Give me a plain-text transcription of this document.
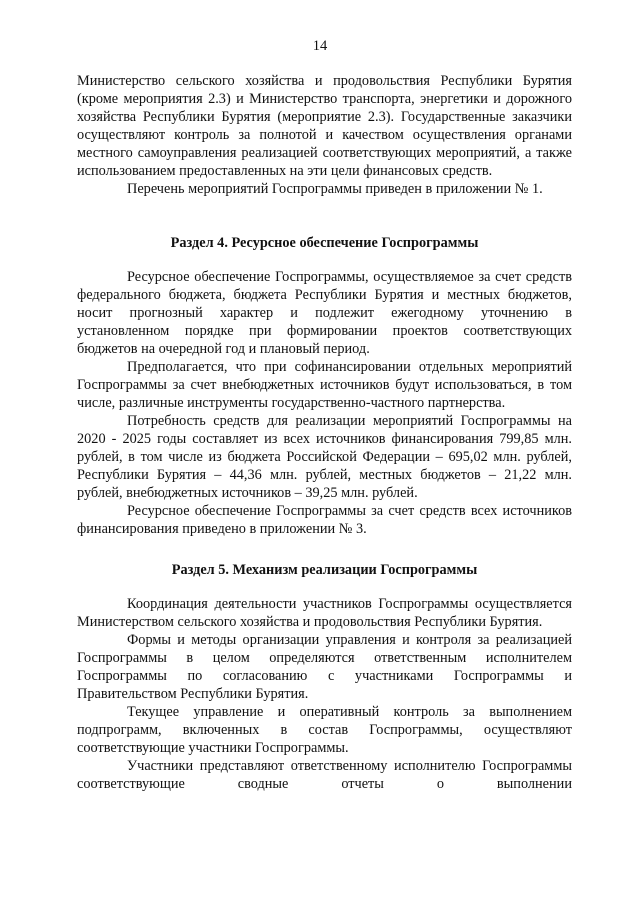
14

Министерство сельского хозяйства и продовольствия Республики Бурятия (кроме мероприятия 2.3) и Министерство транспорта, энергетики и дорожного хозяйства Республики Бурятия (мероприятие 2.3). Государственные заказчики осуществляют контроль за полнотой и качеством осуществления органами местного самоуправления реализацией соответствующих мероприятий, а также использованием предоставленных на эти цели финансовых средств.

Перечень мероприятий Госпрограммы приведен в приложении № 1.

Раздел 4. Ресурсное обеспечение Госпрограммы

Ресурсное обеспечение Госпрограммы, осуществляемое за счет средств федерального бюджета, бюджета Республики Бурятия и местных бюджетов, носит прогнозный характер и подлежит ежегодному уточнению в установленном порядке при формировании проектов соответствующих бюджетов на очередной год и плановый период.

Предполагается, что при софинансировании отдельных мероприятий Госпрограммы за счет внебюджетных источников будут использоваться, в том числе, различные инструменты государственно-частного партнерства.

Потребность средств для реализации мероприятий Госпрограммы на 2020 - 2025 годы составляет из всех источников финансирования 799,85 млн. рублей, в том числе из бюджета Российской Федерации – 695,02 млн. рублей, Республики Бурятия – 44,36 млн. рублей, местных бюджетов – 21,22 млн. рублей, внебюджетных источников – 39,25 млн. рублей.

Ресурсное обеспечение Госпрограммы за счет средств всех источников финансирования приведено в приложении № 3.

Раздел 5. Механизм реализации Госпрограммы

Координация деятельности участников Госпрограммы осуществляется Министерством сельского хозяйства и продовольствия Республики Бурятия.

Формы и методы организации управления и контроля за реализацией Госпрограммы в целом определяются ответственным исполнителем Госпрограммы по согласованию с участниками Госпрограммы и Правительством Республики Бурятия.

Текущее управление и оперативный контроль за выполнением подпрограмм, включенных в состав Госпрограммы, осуществляют соответствующие участники Госпрограммы.

Участники представляют ответственному исполнителю Госпрограммы соответствующие сводные отчеты о выполнении
